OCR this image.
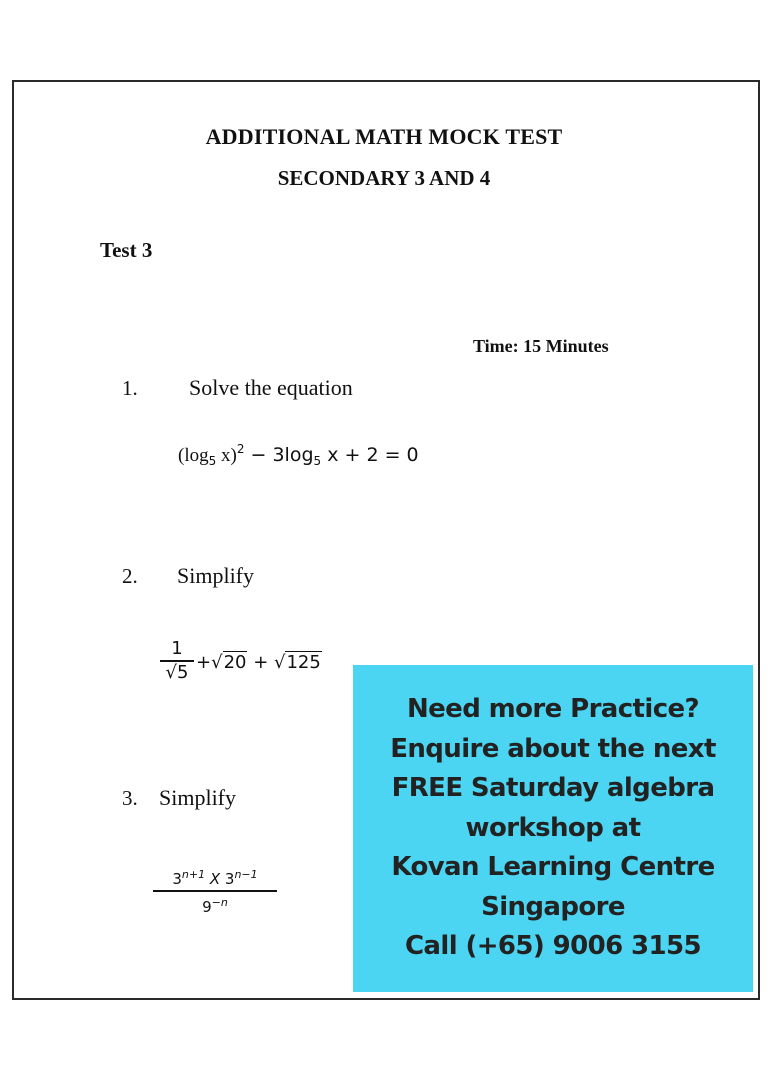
ADDITIONAL MATH MOCK TEST
SECONDARY 3 AND 4
Test 3
Time: 15 Minutes
1. Solve the equation
($\log_5$ $x)^2 - 3\log_5$ x + 2 = 0
2. Simplify
1
√5 +√20 + √125
3. Simplify
$3^{n+1}$ X $3^{n-1}$
$9^{-n}$
Need more Practice?
Enquire about the next
FREE Saturday algebra
workshop at
Kovan Learning Centre
Singapore
Call (+65) 9006 3155
